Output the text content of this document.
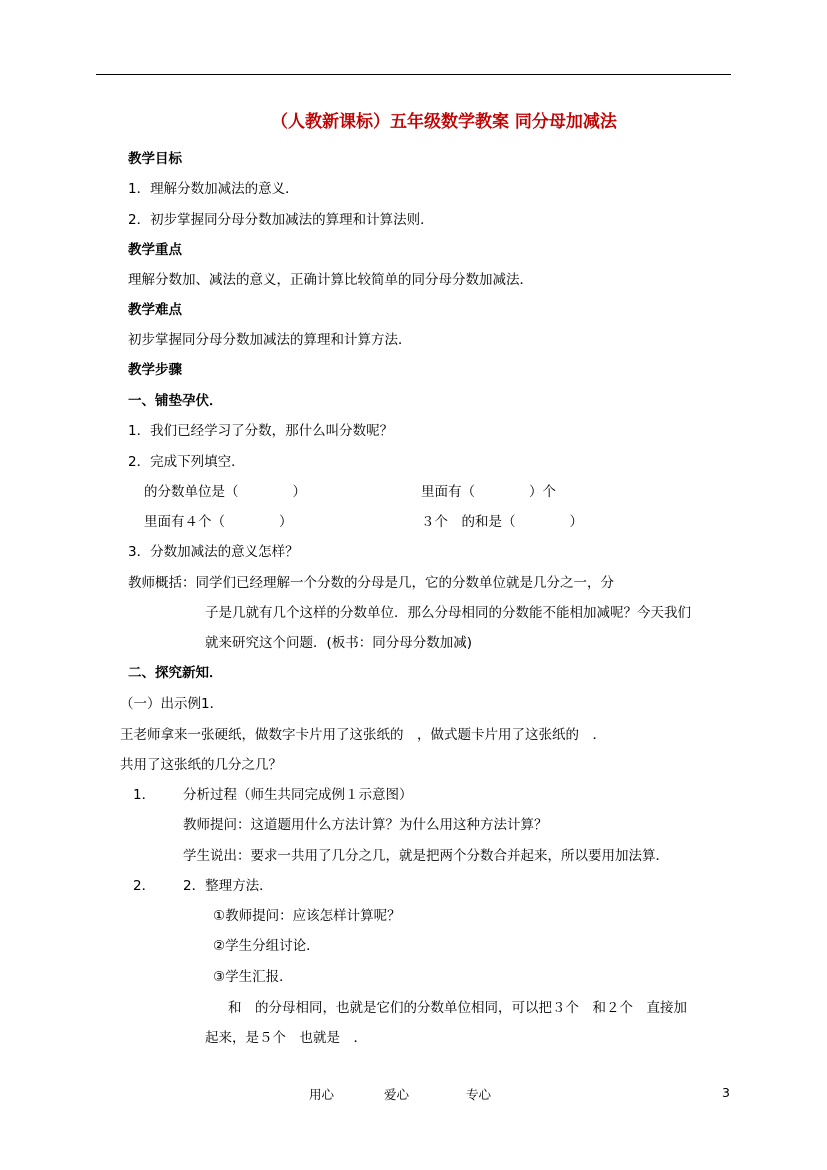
（人教新课标）五年级数学教案 同分母加减法
教学目标
1．理解分数加减法的意义．
2．初步掌握同分母分数加减法的算理和计算法则．
教学重点
理解分数加、减法的意义，正确计算比较简单的同分母分数加减法．
教学难点
初步掌握同分母分数加减法的算理和计算方法．
教学步骤
一、铺垫孕伏．
1．我们已经学习了分数，那什么叫分数呢？
2．完成下列填空．
的分数单位是（　　　　）	里面有（　　　　）个
里面有４个（　　　　）	３个　的和是（　　　　）
3．分数加减法的意义怎样？
教师概括：同学们已经理解一个分数的分母是几，它的分数单位就是几分之一，分
子是几就有几个这样的分数单位．那么分母相同的分数能不能相加减呢？今天我们
就来研究这个问题．(板书：同分母分数加减)
二、探究新知．
（一）出示例1．
王老师拿来一张硬纸，做数字卡片用了这张纸的　，做式题卡片用了这张纸的　．
共用了这张纸的几分之几？
1． 分析过程（师生共同完成例１示意图）
教师提问：这道题用什么方法计算？为什么用这种方法计算？
学生说出：要求一共用了几分之几，就是把两个分数合并起来，所以要用加法算．
2． 2．整理方法．
①教师提问：应该怎样计算呢？
②学生分组讨论．
③学生汇报．
和　的分母相同，也就是它们的分数单位相同，可以把３个　和２个　直接加
起来，是５个　也就是　．
用心	爱心	专心	3
